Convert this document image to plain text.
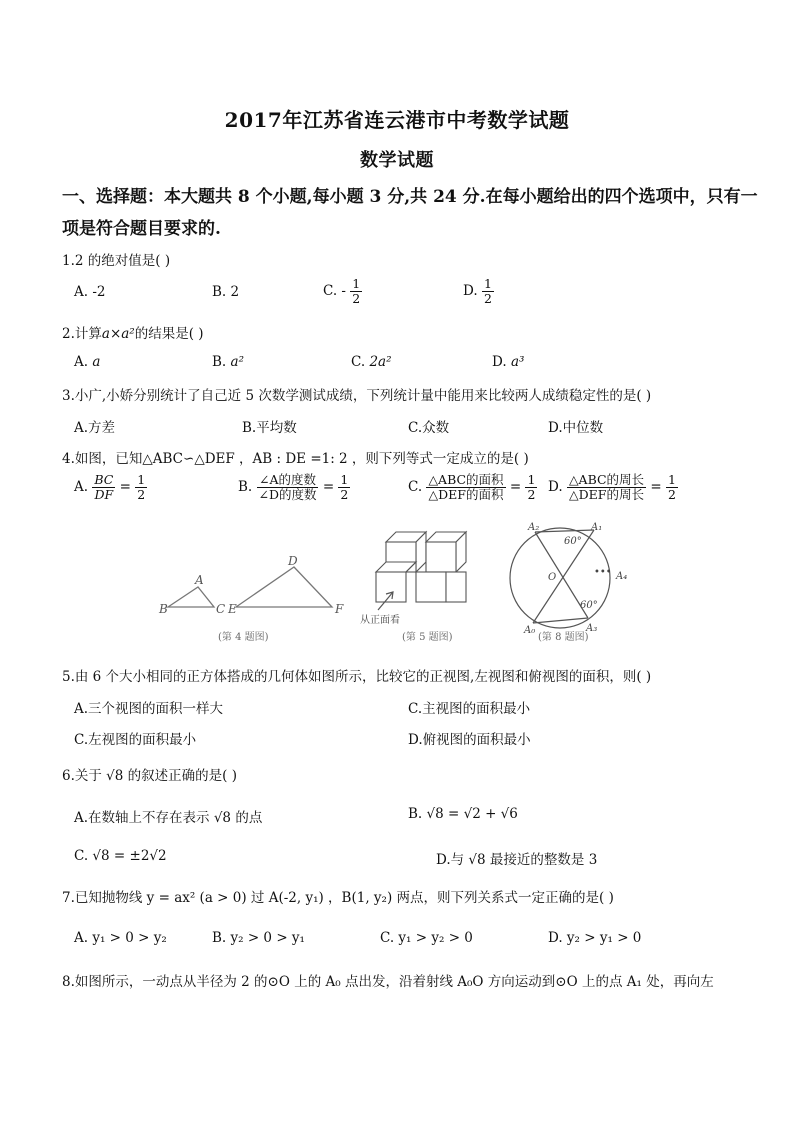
2017年江苏省连云港市中考数学试题
数学试题
一、选择题：本大题共 8 个小题,每小题 3 分,共 24 分.在每小题给出的四个选项中，只有一
项是符合题目要求的.
1.2 的绝对值是( )
A. -2	B. 2	C. - $\frac{1}{2}$	D. $\frac{1}{2}$
2.计算a×a²的结果是( )
A. a	B. a²	C. 2a²	D. a³
3.小广,小娇分别统计了自己近 5 次数学测试成绩，下列统计量中能用来比较两人成绩稳定性的是( )
A.方差	B.平均数	C.众数	D.中位数
4.如图，已知△ABC∽△DEF ，AB : DE =1: 2 ，则下列等式一定成立的是( )
A. $\frac{BC}{DF} = \frac{1}{2}$	B. $\frac{\text{∠A的度数}}{\text{∠D的度数}} = \frac{1}{2}$	C. $\frac{\text{△ABC的面积}}{\text{△DEF的面积}} = \frac{1}{2} D$. $\frac{\text{△ABC的周长}}{\text{△DEF的周长}} = \frac{1}{2}$
A
B	C
D
E	F
(第 4 题图)
从正面看
(第 5 题图)
A₂	A₁
A₄
A₀	A₃
O
60°
60°
•••
(第 8 题图)
5.由 6 个大小相同的正方体搭成的几何体如图所示，比较它的正视图,左视图和俯视图的面积，则( )
A.三个视图的面积一样大	C.主视图的面积最小
C.左视图的面积最小	D.俯视图的面积最小
6.关于 √8 的叙述正确的是( )
A.在数轴上不存在表示 √8 的点	B. √8 = √2 + √6
C. √8 = ±2√2	D.与 √8 最接近的整数是 3
7.已知抛物线 y = ax² (a > 0) 过 A(-2, y₁) ，B(1, y₂) 两点，则下列关系式一定正确的是( )
A. y₁ > 0 > y₂	B. y₂ > 0 > y₁	C. y₁ > y₂ > 0	D. y₂ > y₁ > 0
8.如图所示，一动点从半径为 2 的⊙O 上的 A₀ 点出发，沿着射线 A₀O 方向运动到⊙O 上的点 A₁ 处，再向左
